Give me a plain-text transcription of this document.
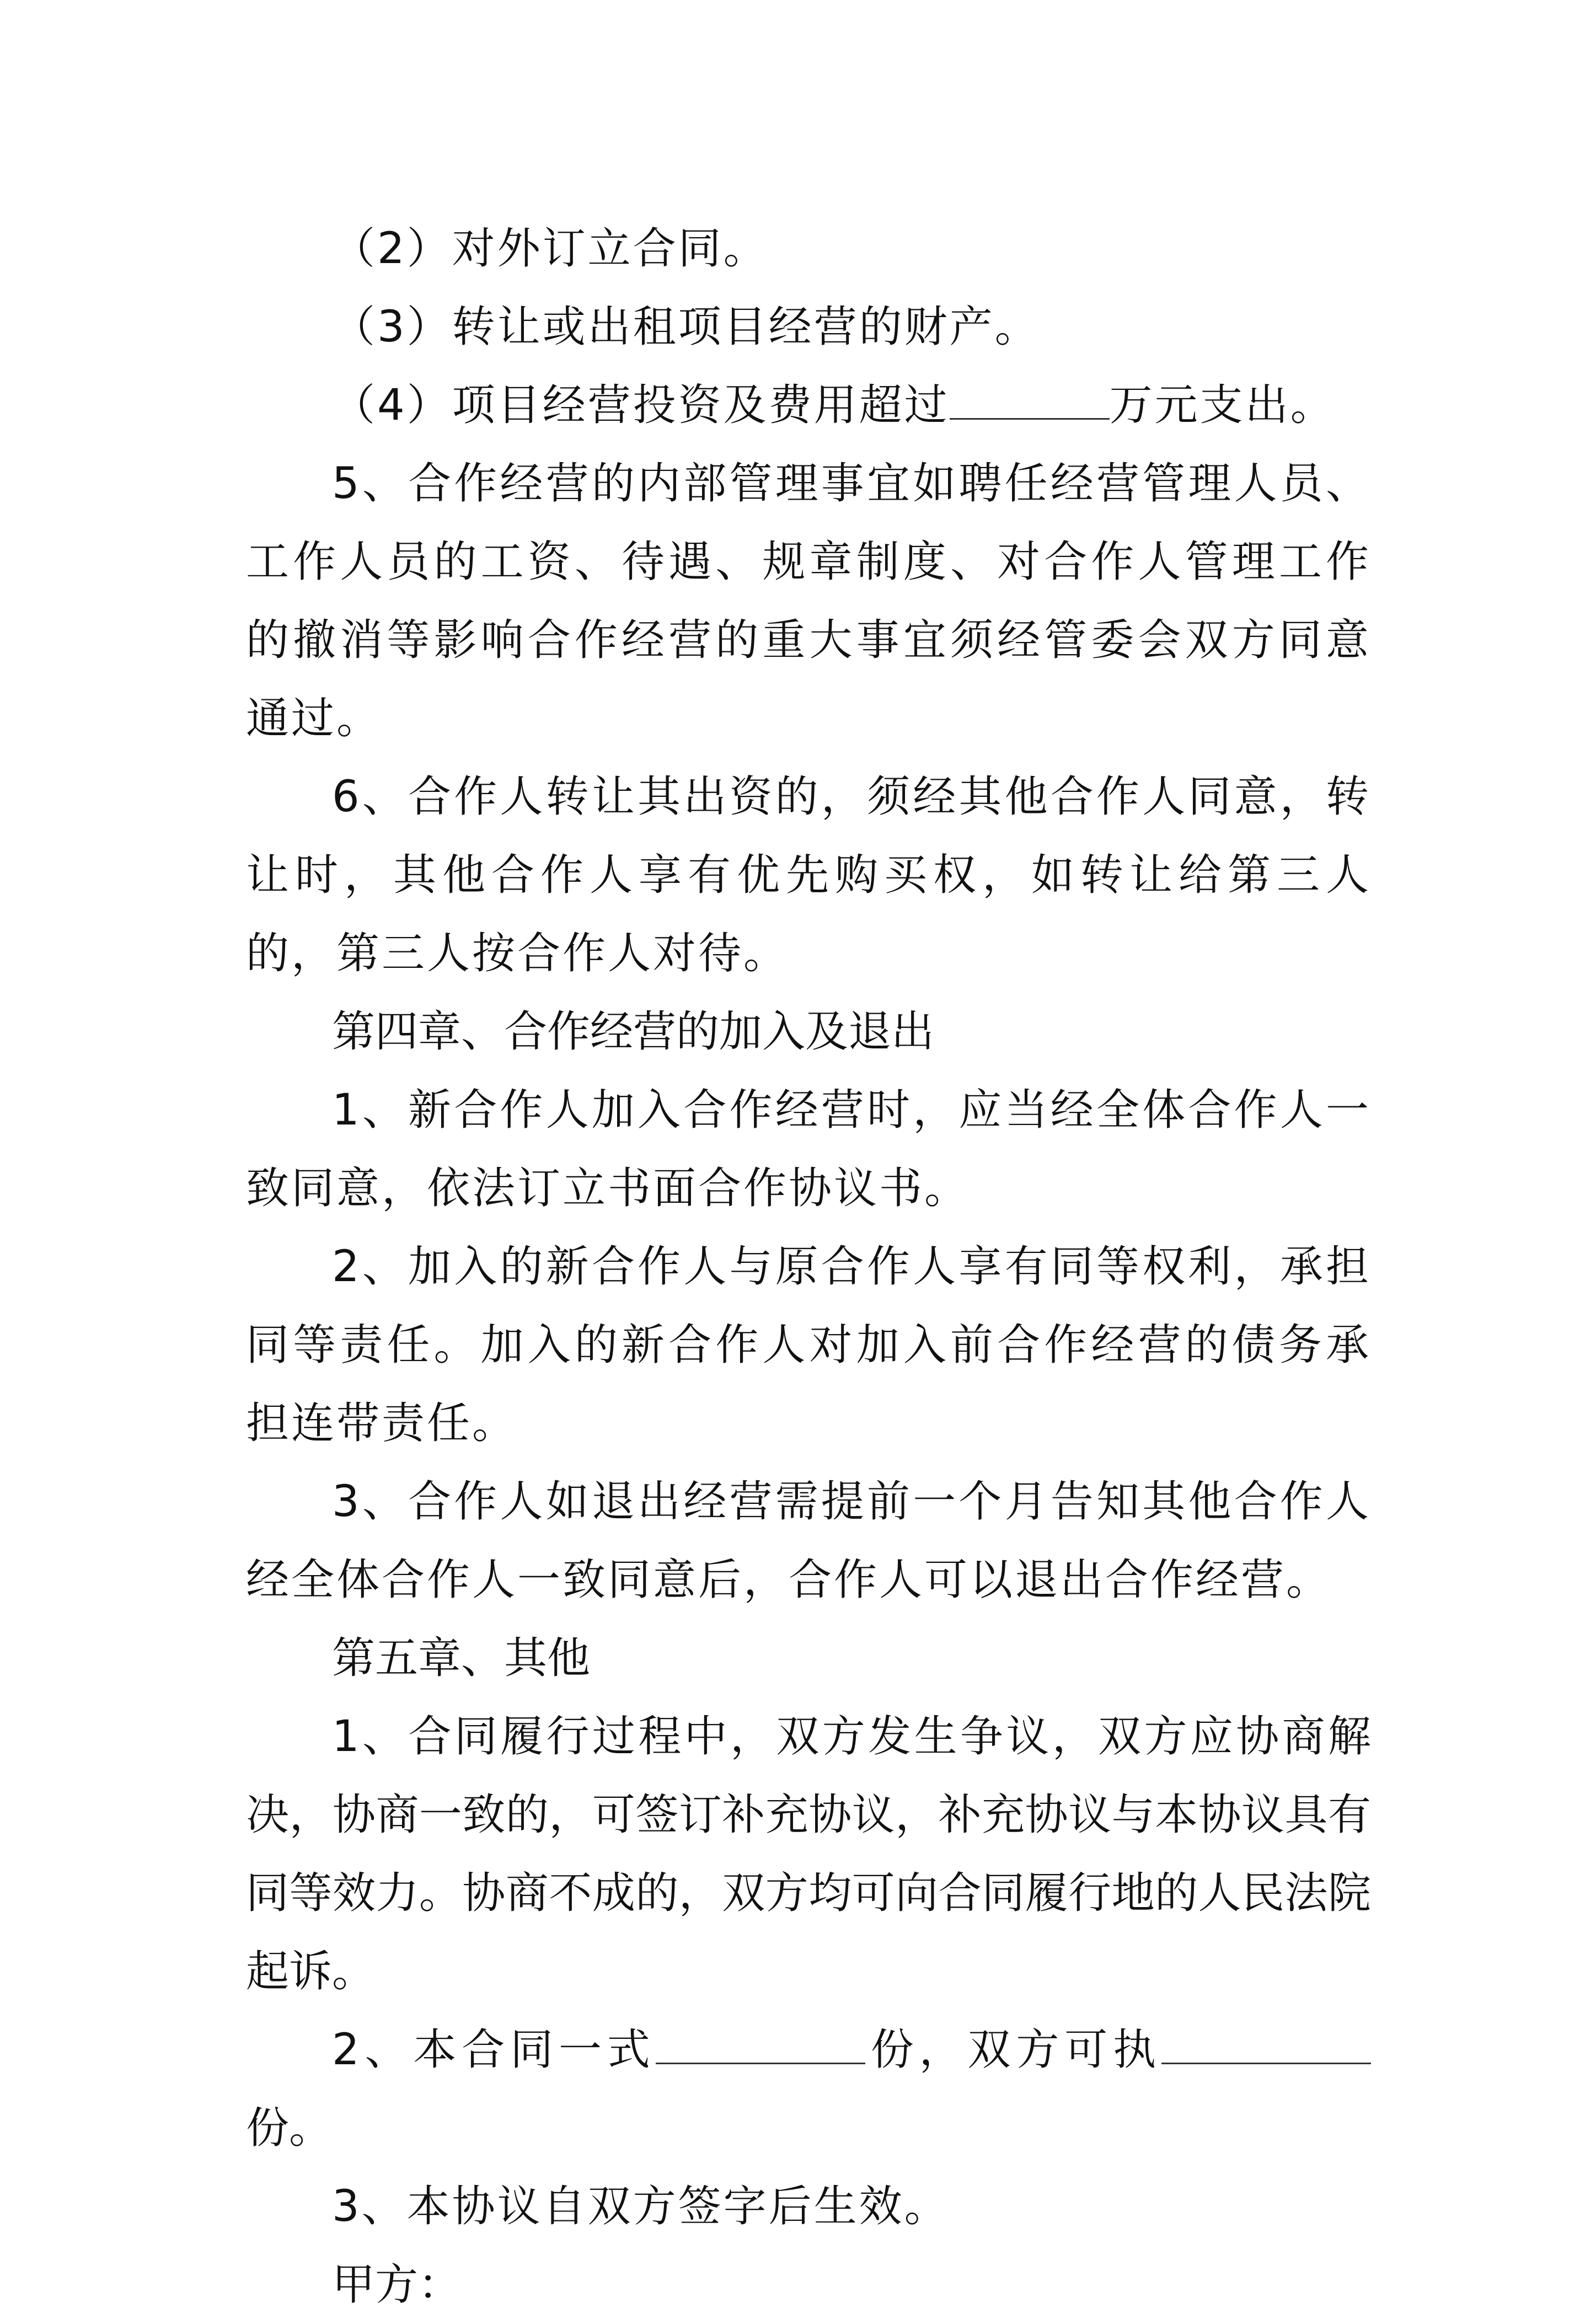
（2）对外订立合同。

（3）转让或出租项目经营的财产。

（4）项目经营投资及费用超过	万元支出。

5、合作经营的内部管理事宜如聘任经营管理人员、工作人员的工资、待遇、规章制度、对合作人管理工作的撤消等影响合作经营的重大事宜须经管委会双方同意通过。

6、合作人转让其出资的，须经其他合作人同意，转让时，其他合作人享有优先购买权，如转让给第三人的，第三人按合作人对待。

第四章、合作经营的加入及退出

1、新合作人加入合作经营时，应当经全体合作人一致同意，依法订立书面合作协议书。

2、加入的新合作人与原合作人享有同等权利，承担同等责任。加入的新合作人对加入前合作经营的债务承担连带责任。

3、合作人如退出经营需提前一个月告知其他合作人经全体合作人一致同意后，合作人可以退出合作经营。

第五章、其他

1、合同履行过程中，双方发生争议，双方应协商解决，协商一致的，可签订补充协议，补充协议与本协议具有同等效力。协商不成的，双方均可向合同履行地的人民法院起诉。

2、本合同一式	份，双方可执份。

3、本协议自双方签字后生效。

甲方：
